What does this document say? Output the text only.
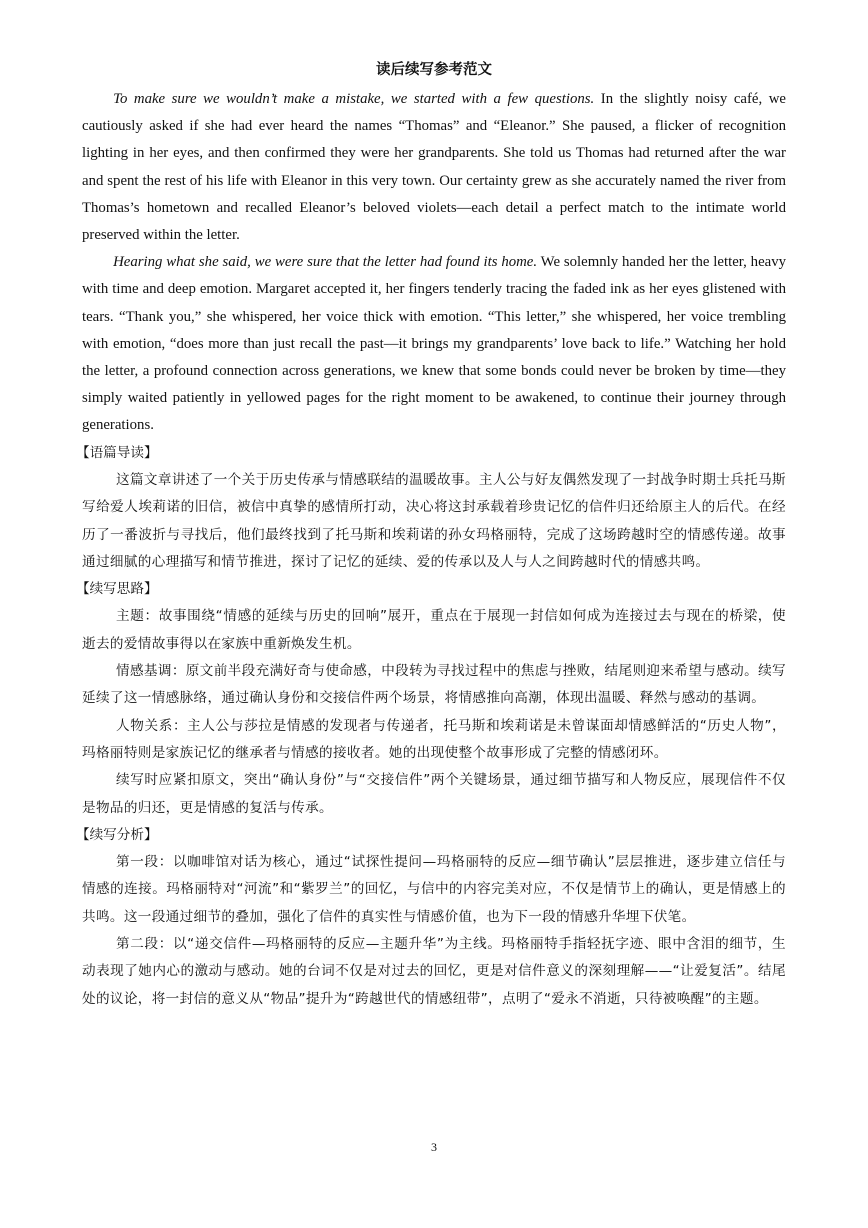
读后续写参考范文

To make sure we wouldn’t make a mistake, we started with a few questions. In the slightly noisy café, we cautiously asked if she had ever heard the names “Thomas” and “Eleanor.” She paused, a flicker of recognition lighting in her eyes, and then confirmed they were her grandparents. She told us Thomas had returned after the war and spent the rest of his life with Eleanor in this very town. Our certainty grew as she accurately named the river from Thomas’s hometown and recalled Eleanor’s beloved violets—each detail a perfect match to the intimate world preserved within the letter.

Hearing what she said, we were sure that the letter had found its home. We solemnly handed her the letter, heavy with time and deep emotion. Margaret accepted it, her fingers tenderly tracing the faded ink as her eyes glistened with tears. “Thank you,” she whispered, her voice thick with emotion. “This letter,” she whispered, her voice trembling with emotion, “does more than just recall the past—it brings my grandparents’ love back to life.” Watching her hold the letter, a profound connection across generations, we knew that some bonds could never be broken by time—they simply waited patiently in yellowed pages for the right moment to be awakened, to continue their journey through generations.

【语篇导读】

这篇文章讲述了一个关于历史传承与情感联结的温暖故事。主人公与好友偶然发现了一封战争时期士兵托马斯写给爱人埃莉诺的旧信，被信中真挚的感情所打动，决心将这封承载着珍贵记忆的信件归还给原主人的后代。在经历了一番波折与寻找后，他们最终找到了托马斯和埃莉诺的孙女玛格丽特，完成了这场跨越时空的情感传递。故事通过细腻的心理描写和情节推进，探讨了记忆的延续、爱的传承以及人与人之间跨越时代的情感共鸣。

【续写思路】

主题：故事围绕“情感的延续与历史的回响”展开，重点在于展现一封信如何成为连接过去与现在的桥梁，使逝去的爱情故事得以在家族中重新焕发生机。

情感基调：原文前半段充满好奇与使命感，中段转为寻找过程中的焦虑与挫败，结尾则迎来希望与感动。续写延续了这一情感脉络，通过确认身份和交接信件两个场景，将情感推向高潮，体现出温暖、释然与感动的基调。

人物关系：主人公与莎拉是情感的发现者与传递者，托马斯和埃莉诺是未曾谋面却情感鲜活的“历史人物”，玛格丽特则是家族记忆的继承者与情感的接收者。她的出现使整个故事形成了完整的情感闭环。

续写时应紧扣原文，突出“确认身份”与“交接信件”两个关键场景，通过细节描写和人物反应，展现信件不仅是物品的归还，更是情感的复活与传承。

【续写分析】

第一段：以咖啡馆对话为核心，通过“试探性提问—玛格丽特的反应—细节确认”层层推进，逐步建立信任与情感的连接。玛格丽特对“河流”和“紫罗兰”的回忆，与信中的内容完美对应，不仅是情节上的确认，更是情感上的共鸣。这一段通过细节的叠加，强化了信件的真实性与情感价值，也为下一段的情感升华埋下伏笔。

第二段：以“递交信件—玛格丽特的反应—主题升华”为主线。玛格丽特手指轻抚字迹、眼中含泪的细节，生动表现了她内心的激动与感动。她的台词不仅是对过去的回忆，更是对信件意义的深刻理解——“让爱复活”。结尾处的议论，将一封信的意义从“物品”提升为“跨越世代的情感纽带”，点明了“爱永不消逝，只待被唤醒”的主题。

3
